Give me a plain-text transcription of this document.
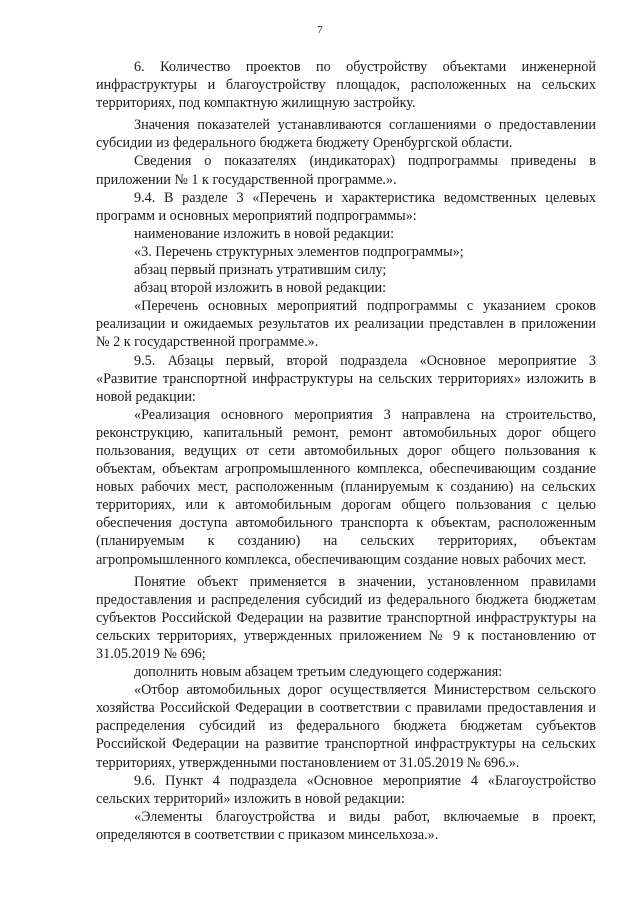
7

6. Количество проектов по обустройству объектами инженерной инфраструктуры и благоустройству площадок, расположенных на сельских территориях, под компактную жилищную застройку.

Значения показателей устанавливаются соглашениями о предоставлении субсидии из федерального бюджета бюджету Оренбургской области.

Сведения о показателях (индикаторах) подпрограммы приведены в приложении № 1 к государственной программе.».

9.4. В разделе 3 «Перечень и характеристика ведомственных целевых программ и основных мероприятий подпрограммы»:

наименование изложить в новой редакции:

«3. Перечень структурных элементов подпрограммы»;

абзац первый признать утратившим силу;

абзац второй изложить в новой редакции:

«Перечень основных мероприятий подпрограммы с указанием сроков реализации и ожидаемых результатов их реализации представлен в приложении № 2 к государственной программе.».

9.5. Абзацы первый, второй подраздела «Основное мероприятие 3 «Развитие транспортной инфраструктуры на сельских территориях» изложить в новой редакции:

«Реализация основного мероприятия 3 направлена на строительство, реконструкцию, капитальный ремонт, ремонт автомобильных дорог общего пользования, ведущих от сети автомобильных дорог общего пользования к объектам, объектам агропромышленного комплекса, обеспечивающим создание новых рабочих мест, расположенным (планируемым к созданию) на сельских территориях, или к автомобильным дорогам общего пользования с целью обеспечения доступа автомобильного транспорта к объектам, расположенным (планируемым к созданию) на сельских территориях, объектам агропромышленного комплекса, обеспечивающим создание новых рабочих мест.

Понятие объект применяется в значении, установленном правилами предоставления и распределения субсидий из федерального бюджета бюджетам субъектов Российской Федерации на развитие транспортной инфраструктуры на сельских территориях, утвержденных приложением № 9 к постановлению от 31.05.2019 № 696;

дополнить новым абзацем третьим следующего содержания:

«Отбор автомобильных дорог осуществляется Министерством сельского хозяйства Российской Федерации в соответствии с правилами предоставления и распределения субсидий из федерального бюджета бюджетам субъектов Российской Федерации на развитие транспортной инфраструктуры на сельских территориях, утвержденными постановлением от 31.05.2019 № 696.».

9.6. Пункт 4 подраздела «Основное мероприятие 4 «Благоустройство сельских территорий» изложить в новой редакции:

«Элементы благоустройства и виды работ, включаемые в проект, определяются в соответствии с приказом минсельхоза.».
